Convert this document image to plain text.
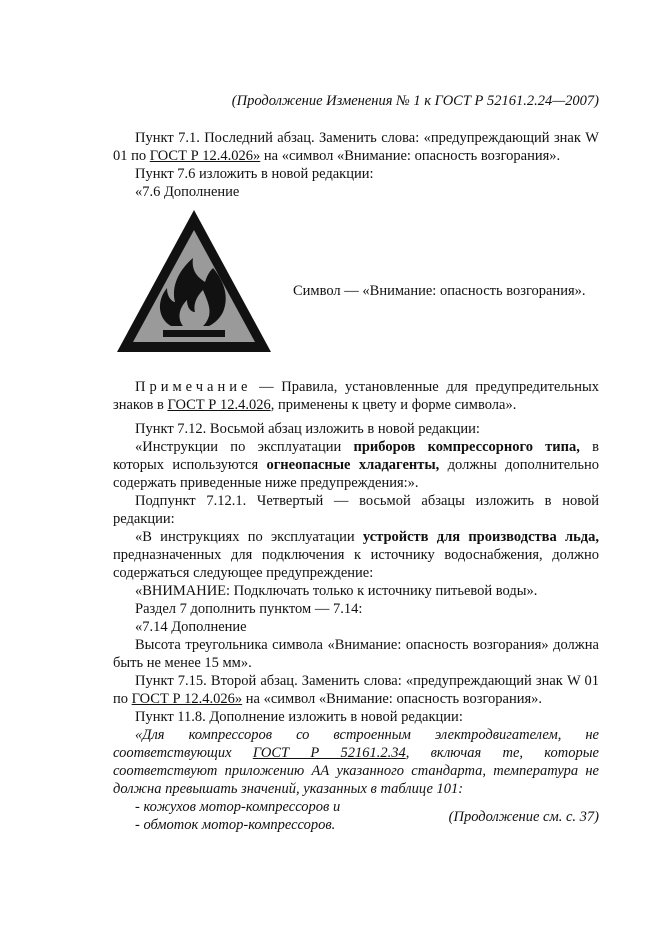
(Продолжение Изменения № 1 к ГОСТ Р 52161.2.24—2007)

Пункт 7.1. Последний абзац. Заменить слова: «предупреждающий знак W 01 по ГОСТ Р 12.4.026» на «символ «Внимание: опасность возгорания».

Пункт 7.6 изложить в новой редакции:

«7.6 Дополнение

Символ — «Внимание: опасность возгорания».

Примечание — Правила, установленные для предупредительных знаков в ГОСТ Р 12.4.026, применены к цвету и форме символа».

Пункт 7.12. Восьмой абзац изложить в новой редакции:

«Инструкции по эксплуатации приборов компрессорного типа, в которых используются огнеопасные хладагенты, должны дополнительно содержать приведенные ниже предупреждения:».

Подпункт 7.12.1. Четвертый — восьмой абзацы изложить в новой редакции:

«В инструкциях по эксплуатации устройств для производства льда, предназначенных для подключения к источнику водоснабжения, должно содержаться следующее предупреждение:

«ВНИМАНИЕ: Подключать только к источнику питьевой воды».

Раздел 7 дополнить пунктом — 7.14:

«7.14 Дополнение

Высота треугольника символа «Внимание: опасность возгорания» должна быть не менее 15 мм».

Пункт 7.15. Второй абзац. Заменить слова: «предупреждающий знак W 01 по ГОСТ Р 12.4.026» на «символ «Внимание: опасность возгорания».

Пункт 11.8. Дополнение изложить в новой редакции:

«Для компрессоров со встроенным электродвигателем, не соответствующих ГОСТ Р 52161.2.34, включая те, которые соответствуют приложению АА указанного стандарта, температура не должна превышать значений, указанных в таблице 101:

- кожухов мотор-компрессоров и

- обмоток мотор-компрессоров.	(Продолжение см. с. 37)
